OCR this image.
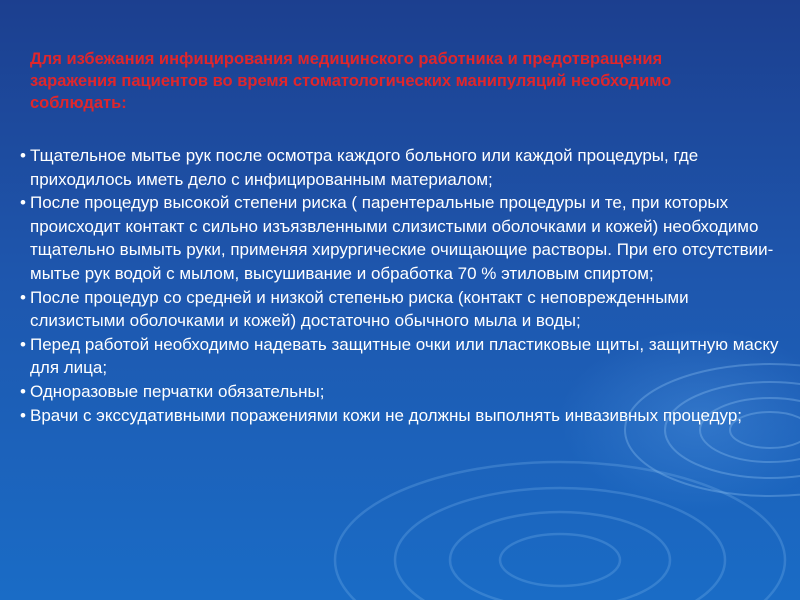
Для избежания инфицирования медицинского работника и предотвращения заражения пациентов во время стоматологических манипуляций необходимо соблюдать:

• Тщательное мытье рук после осмотра каждого больного или каждой процедуры, где приходилось иметь дело с инфицированным материалом;
• После процедур высокой степени риска ( парентеральные процедуры и те, при которых происходит контакт с сильно изъязвленными слизистыми оболочками и кожей) необходимо тщательно вымыть руки, применяя хирургические очищающие растворы. При его отсутствии- мытье рук водой с мылом, высушивание и обработка 70 % этиловым спиртом;
• После процедур со средней и низкой степенью риска (контакт с неповрежденными слизистыми оболочками и кожей) достаточно обычного мыла и воды;
• Перед работой необходимо надевать защитные очки или пластиковые щиты, защитную маску для лица;
• Одноразовые перчатки обязательны;
• Врачи с экссудативными поражениями кожи не должны выполнять инвазивных процедур;
